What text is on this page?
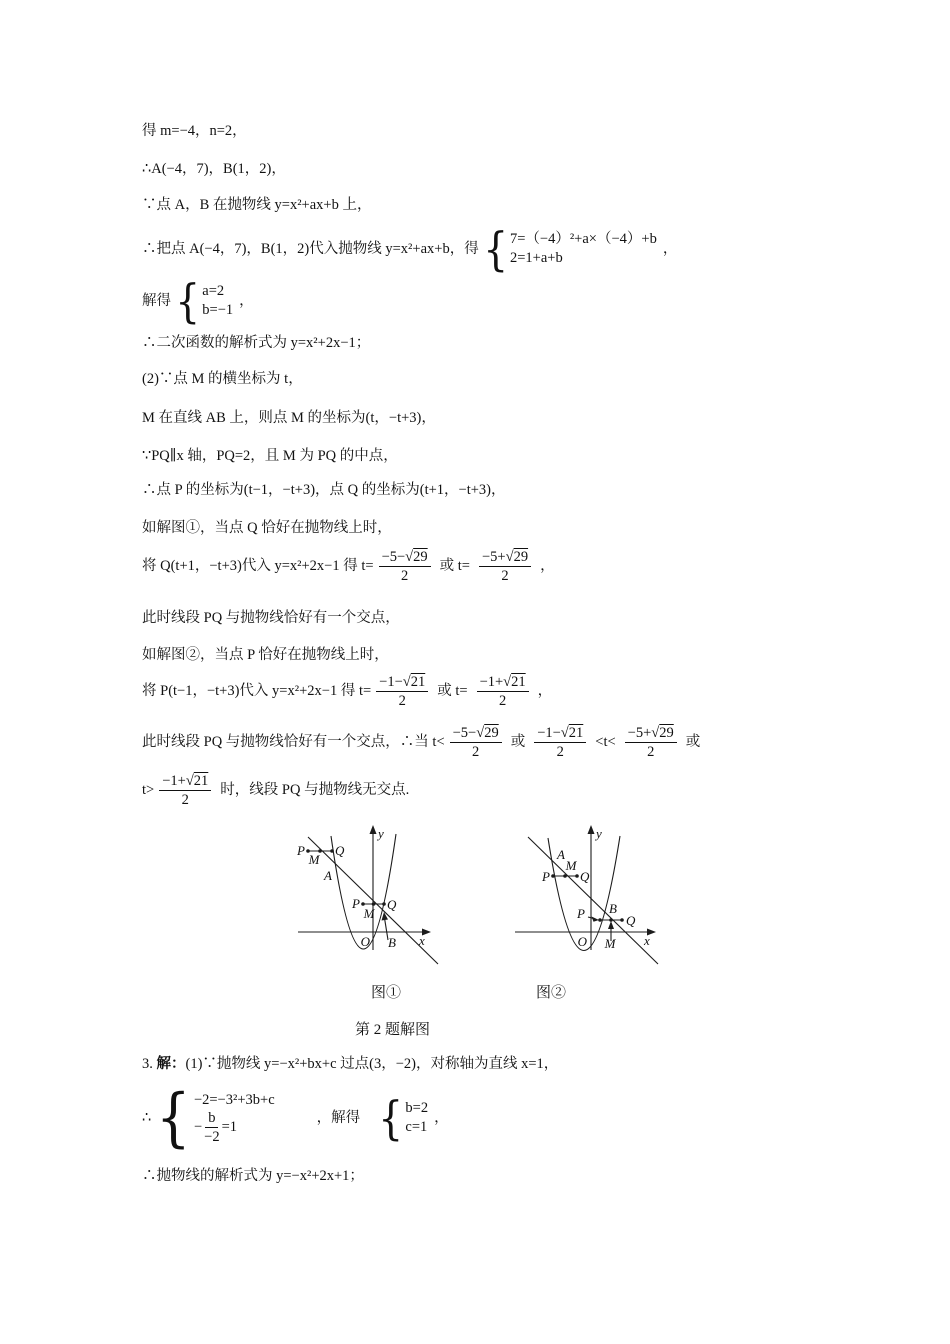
得 m=−4，n=2，
∴A(−4，7)，B(1，2)，
∵点 A，B 在抛物线 y=x²+ax+b 上，
∴把点 A(−4，7)，B(1，2)代入抛物线 y=x²+ax+b，得 { 7=（−4）²+a×（−4）+b
2=1+a+b
，
解得 { a=2
b=−1
，
∴二次函数的解析式为 y=x²+2x−1；
(2)∵点 M 的横坐标为 t，
M 在直线 AB 上，则点 M 的坐标为(t，−t+3)，
∵PQ∥x 轴，PQ=2，且 M 为 PQ 的中点，
∴点 P 的坐标为(t−1，−t+3)，点 Q 的坐标为(t+1，−t+3)，
如解图①，当点 Q 恰好在抛物线上时，
将 Q(t+1，−t+3)代入 y=x²+2x−1 得 $t= \frac{-5-√29}{2}$ 或 $t= \frac{-5+√29}{2}$ ，
此时线段 PQ 与抛物线恰好有一个交点，
如解图②，当点 P 恰好在抛物线上时，
将 P(t−1，−t+3)代入 y=x²+2x−1 得 $t= \frac{-1-√21}{2}$ 或 $t= \frac{-1+√21}{2}$ ，
此时线段 PQ 与抛物线恰好有一个交点，∴当 $t< \frac{-5-√29}{2}$ 或 $\frac{-1-√21}{2} <t< \frac{-5+√29}{2}$ 或
$t> \frac{-1+√21}{2}$ 时，线段 PQ 与抛物线无交点.
y
x
O
P
M
Q
A
P
M
Q
B
y
x
O
A
M
P Q
P B
Q
M
图①	图②
第 2 题解图
3. 解：(1)∵抛物线 y=−x²+bx+c 过点(3，−2)，对称轴为直线 x=1，
∴ { −2=−3²+3b+c
− $\frac{b}{-2} =1$
，解得 { b=2
c=1
，
∴抛物线的解析式为 y=−x²+2x+1；
